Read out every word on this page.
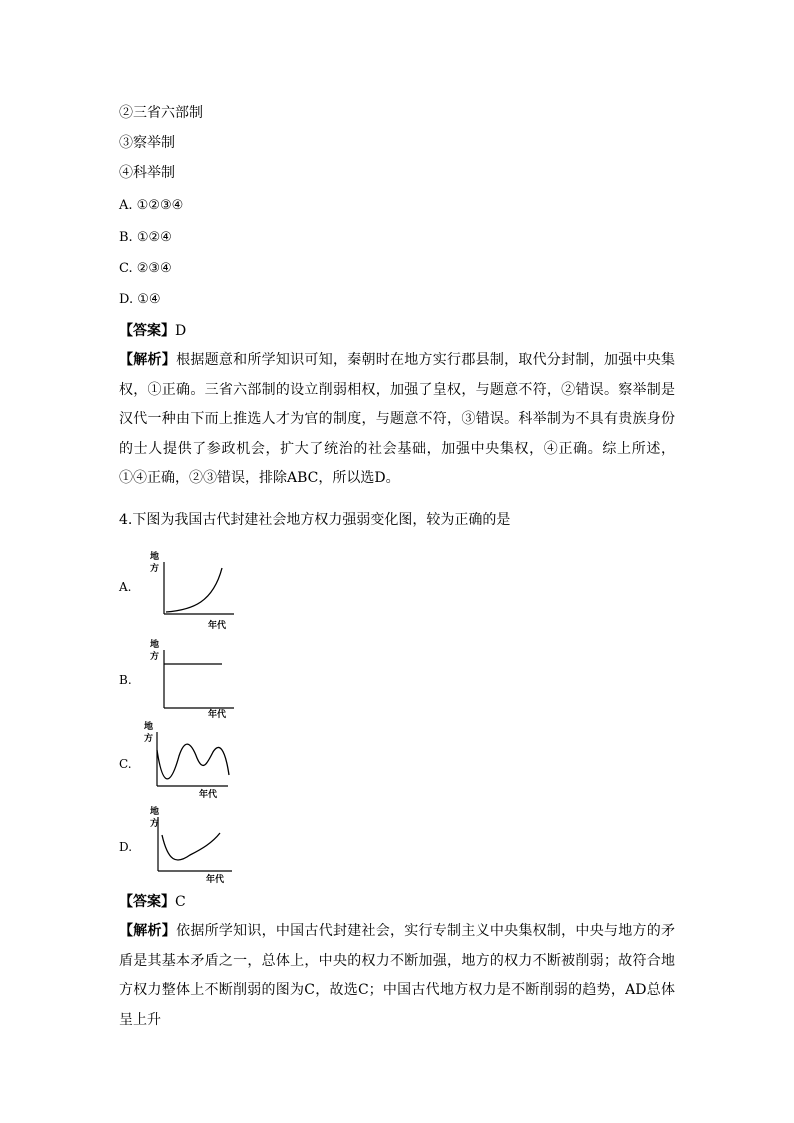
②三省六部制
③察举制
④科举制
A. ①②③④
B. ①②④
C. ②③④
D. ①④
【答案】D
【解析】根据题意和所学知识可知，秦朝时在地方实行郡县制，取代分封制，加强中央集权，①正确。三省六部制的设立削弱相权，加强了皇权，与题意不符，②错误。察举制是汉代一种由下而上推选人才为官的制度，与题意不符，③错误。科举制为不具有贵族身份的士人提供了参政机会，扩大了统治的社会基础，加强中央集权，④正确。综上所述，①④正确，②③错误，排除ABC，所以选D。
4.下图为我国古代封建社会地方权力强弱变化图，较为正确的是
A.
地
方
年代
B.
地
方
年代
C.
地
方
年代
D.
地
方
年代
【答案】C
【解析】依据所学知识，中国古代封建社会，实行专制主义中央集权制，中央与地方的矛盾是其基本矛盾之一，总体上，中央的权力不断加强，地方的权力不断被削弱；故符合地方权力整体上不断削弱的图为C，故选C；中国古代地方权力是不断削弱的趋势，AD总体呈上升
